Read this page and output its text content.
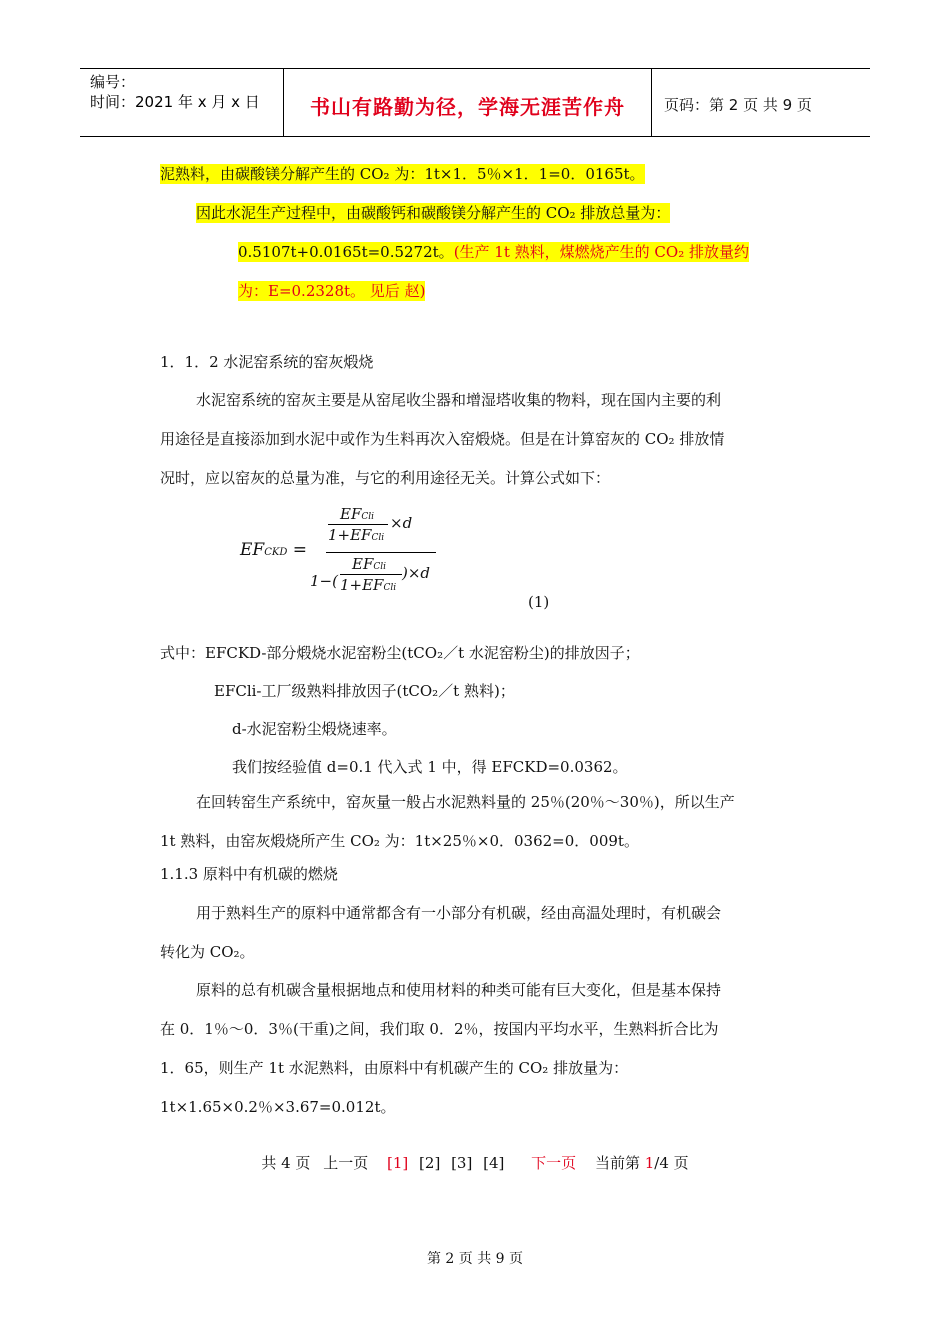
编号：
时间：2021 年 x 月 x 日	书山有路勤为径，学海无涯苦作舟	页码：第 2 页 共 9 页
泥熟料，由碳酸镁分解产生的 CO₂ 为：1t×1．5％×1．1=0．0165t。
因此水泥生产过程中，由碳酸钙和碳酸镁分解产生的 CO₂ 排放总量为：
0.5107t+0.0165t=0.5272t。(生产 1t 熟料，煤燃烧产生的 CO₂ 排放量约
为：E=0.2328t。 见后 赵)
1．1．2 水泥窑系统的窑灰煅烧
水泥窑系统的窑灰主要是从窑尾收尘器和增湿塔收集的物料，现在国内主要的利
用途径是直接添加到水泥中或作为生料再次入窑煅烧。但是在计算窑灰的 CO₂ 排放情
况时，应以窑灰的总量为准，与它的利用途径无关。计算公式如下：
EFCKD =
EFCli
1+EFCli
×d
1−(
EFCli
1+EFCli
)×d
(1)
式中：EFCKD-部分煅烧水泥窑粉尘(tCO₂／t 水泥窑粉尘)的排放因子；
EFCli-工厂级熟料排放因子(tCO₂／t 熟料)；
d-水泥窑粉尘煅烧速率。
我们按经验值 d=0.1 代入式 1 中，得 EFCKD=0.0362。
在回转窑生产系统中，窑灰量一般占水泥熟料量的 25％(20％～30％)，所以生产
1t 熟料，由窑灰煅烧所产生 CO₂ 为：1t×25％×0．0362=0．009t。
1.1.3 原料中有机碳的燃烧
用于熟料生产的原料中通常都含有一小部分有机碳，经由高温处理时，有机碳会
转化为 CO₂。
原料的总有机碳含量根据地点和使用材料的种类可能有巨大变化，但是基本保持
在 0．1％～0．3％(干重)之间，我们取 0．2％，按国内平均水平，生熟料折合比为
1．65，则生产 1t 水泥熟料，由原料中有机碳产生的 CO₂ 排放量为：
1t×1.65×0.2％×3.67=0.012t。
共 4 页 上一页 [1] [2] [3] [4] 下一页 当前第 1/4 页
第 2 页 共 9 页
